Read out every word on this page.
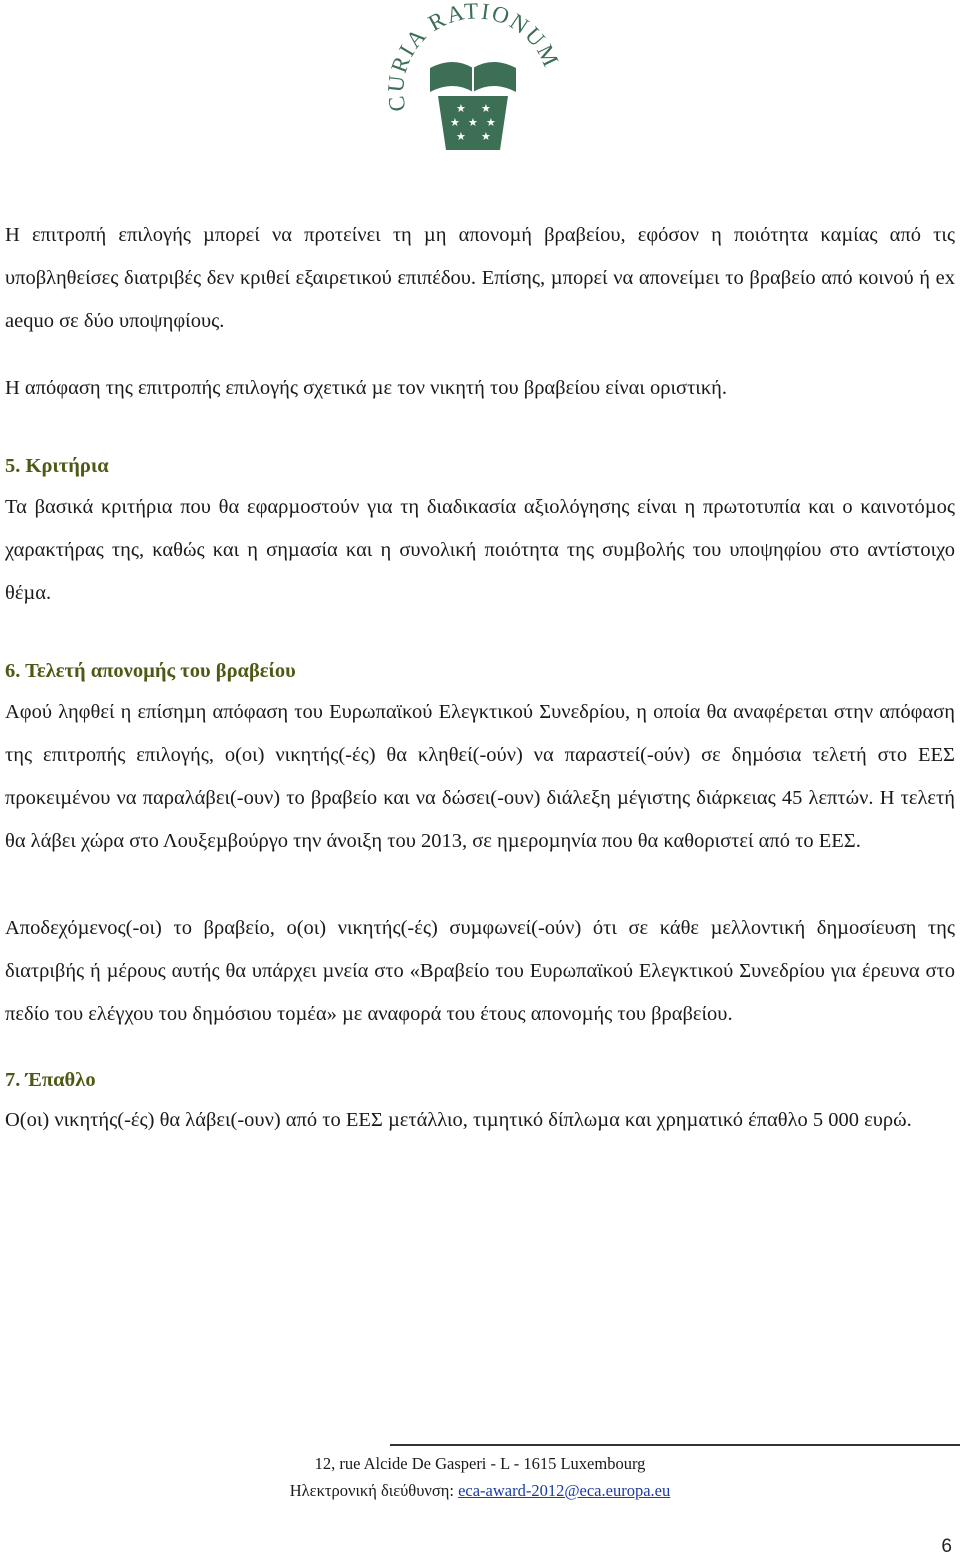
CURIA RATIONUM
★ ★
★ ★ ★
★ ★

Η επιτροπή επιλογής µπορεί να προτείνει τη µη απονοµή βραβείου, εφόσον η ποιότητα καµίας από τις υποβληθείσες διατριβές δεν κριθεί εξαιρετικού επιπέδου. Επίσης, µπορεί να απονείµει το βραβείο από κοινού ή ex aequo σε δύο υποψηφίους.

Η απόφαση της επιτροπής επιλογής σχετικά µε τον νικητή του βραβείου είναι οριστική.

5. Κριτήρια

Τα βασικά κριτήρια που θα εφαρµοστούν για τη διαδικασία αξιολόγησης είναι η πρωτοτυπία και ο καινοτόµος χαρακτήρας της, καθώς και η σηµασία και η συνολική ποιότητα της συµβολής του υποψηφίου στο αντίστοιχο θέµα.

6. Τελετή απονοµής του βραβείου

Αφού ληφθεί η επίσηµη απόφαση του Ευρωπαϊκού Ελεγκτικού Συνεδρίου, η οποία θα αναφέρεται στην απόφαση της επιτροπής επιλογής, ο(οι) νικητής(-ές) θα κληθεί(-ούν) να παραστεί(-ούν) σε δηµόσια τελετή στο ΕΕΣ προκειµένου να παραλάβει(-ουν) το βραβείο και να δώσει(-ουν) διάλεξη µέγιστης διάρκειας 45 λεπτών. Η τελετή θα λάβει χώρα στο Λουξεµβούργο την άνοιξη του 2013, σε ηµεροµηνία που θα καθοριστεί από το ΕΕΣ.

Αποδεχόµενος(-οι) το βραβείο, ο(οι) νικητής(-ές) συµφωνεί(-ούν) ότι σε κάθε µελλοντική δηµοσίευση της διατριβής ή µέρους αυτής θα υπάρχει µνεία στο «Βραβείο του Ευρωπαϊκού Ελεγκτικού Συνεδρίου για έρευνα στο πεδίο του ελέγχου του δηµόσιου τοµέα» µε αναφορά του έτους απονοµής του βραβείου.

7. Έπαθλο

Ο(οι) νικητής(-ές) θα λάβει(-ουν) από το ΕΕΣ µετάλλιο, τιµητικό δίπλωµα και χρηµατικό έπαθλο 5 000 ευρώ.

12, rue Alcide De Gasperi - L - 1615 Luxembourg
Ηλεκτρονική διεύθυνση: eca-award-2012@eca.europa.eu
6
